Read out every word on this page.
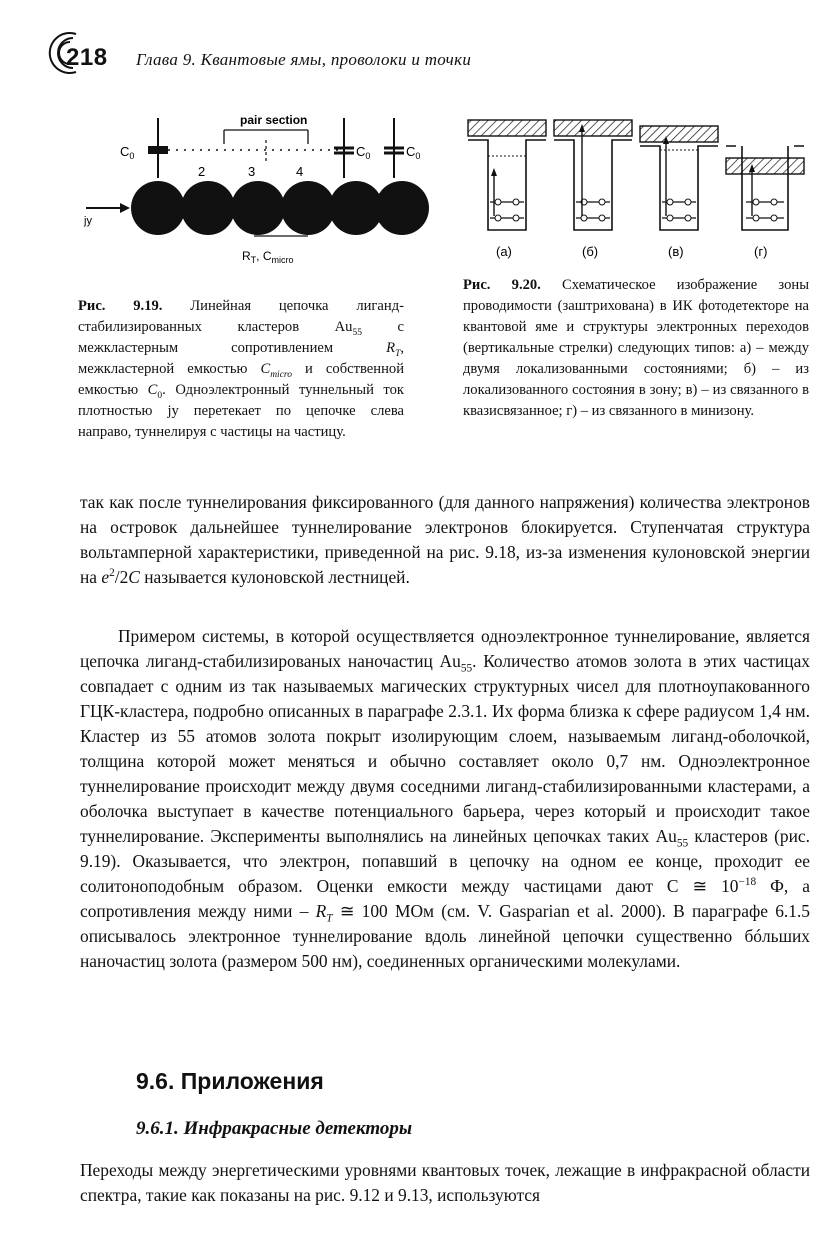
218 Глава 9. Квантовые ямы, проволоки и точки
pair section
$C_0$	$C_0$	$C_0$
2	3	4
jy
$R_T$, $C_{micro}$
(а)	(б)	(в)	(г)
Рис. 9.19. Линейная цепочка лиганд-стабилизированных кластеров $Au_{55}$ с межкластерным сопротивлением $R_T$, межкластерной емкостью $C_{micro}$ и собственной емкостью $C_0$. Одноэлектронный туннельный ток плотностью jy перетекает по цепочке слева направо, туннелируя с частицы на частицу.
Рис. 9.20. Схематическое изображение зоны проводимости (заштрихована) в ИК фотодетекторе на квантовой яме и структуры электронных переходов (вертикальные стрелки) следующих типов: а) – между двумя локализованными состояниями; б) – из локализованного состояния в зону; в) – из связанного в квазисвязанное; г) – из связанного в минизону.
так как после туннелирования фиксированного (для данного напряжения) количества электронов на островок дальнейшее туннелирование электронов блокируется. Ступенчатая структура вольтамперной характеристики, приведенной на рис. 9.18, из-за изменения кулоновской энергии на $e^2/2C$ называется кулоновской лестницей.
Примером системы, в которой осуществляется одноэлектронное туннелирование, является цепочка лиганд-стабилизированых наночастиц $Au_{55}$. Количество атомов золота в этих частицах совпадает с одним из так называемых магических структурных чисел для плотноупакованного ГЦК-кластера, подробно описанных в параграфе 2.3.1. Их форма близка к сфере радиусом 1,4 нм. Кластер из 55 атомов золота покрыт изолирующим слоем, называемым лиганд-оболочкой, толщина которой может меняться и обычно составляет около 0,7 нм. Одноэлектронное туннелирование происходит между двумя соседними лиганд-стабилизированными кластерами, а оболочка выступает в качестве потенциального барьера, через который и происходит такое туннелирование. Эксперименты выполнялись на линейных цепочках таких $Au_{55}$ кластеров (рис. 9.19). Оказывается, что электрон, попавший в цепочку на одном ее конце, проходит ее солитоноподобным образом. Оценки емкости между частицами дают C ≅ $10^{-18}$ Ф, а сопротивления между ними – $R_T$ ≅ 100 МОм (см. V. Gasparian et al. 2000). В параграфе 6.1.5 описывалось электронное туннелирование вдоль линейной цепочки существенно бóльших наночастиц золота (размером 500 нм), соединенных органическими молекулами.
9.6. Приложения
9.6.1. Инфракрасные детекторы
Переходы между энергетическими уровнями квантовых точек, лежащие в инфракрасной области спектра, такие как показаны на рис. 9.12 и 9.13, используются
